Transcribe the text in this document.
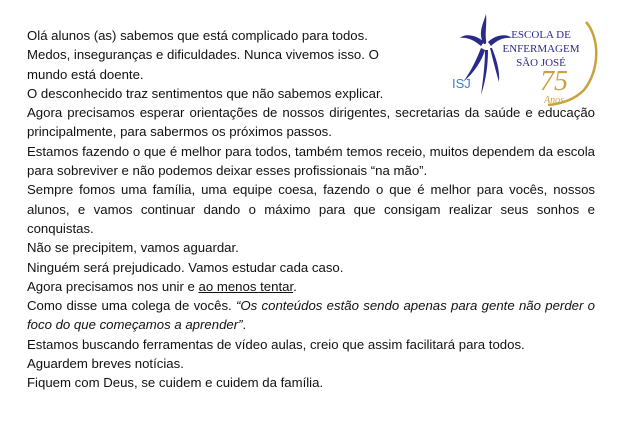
ESCOLA DE
ENFERMAGEM
SÃO JOSÉ
ISJ 75
Anos

Olá alunos (as) sabemos que está complicado para todos.

Medos, inseguranças e dificuldades. Nunca vivemos isso. O mundo está doente.

O desconhecido traz sentimentos que não sabemos explicar.

Agora precisamos esperar orientações de nossos dirigentes, secretarias da saúde e educação principalmente, para sabermos os próximos passos.

Estamos fazendo o que é melhor para todos, também temos receio, muitos dependem da escola para sobreviver e não podemos deixar esses profissionais “na mão”.

Sempre fomos uma família, uma equipe coesa, fazendo o que é melhor para vocês, nossos alunos, e vamos continuar dando o máximo para que consigam realizar seus sonhos e conquistas.

Não se precipitem, vamos aguardar.

Ninguém será prejudicado. Vamos estudar cada caso.

Agora precisamos nos unir e ao menos tentar.

Como disse uma colega de vocês. “Os conteúdos estão sendo apenas para gente não perder o foco do que começamos a aprender”.

Estamos buscando ferramentas de vídeo aulas, creio que assim facilitará para todos.

Aguardem breves notícias.

Fiquem com Deus, se cuidem e cuidem da família.
